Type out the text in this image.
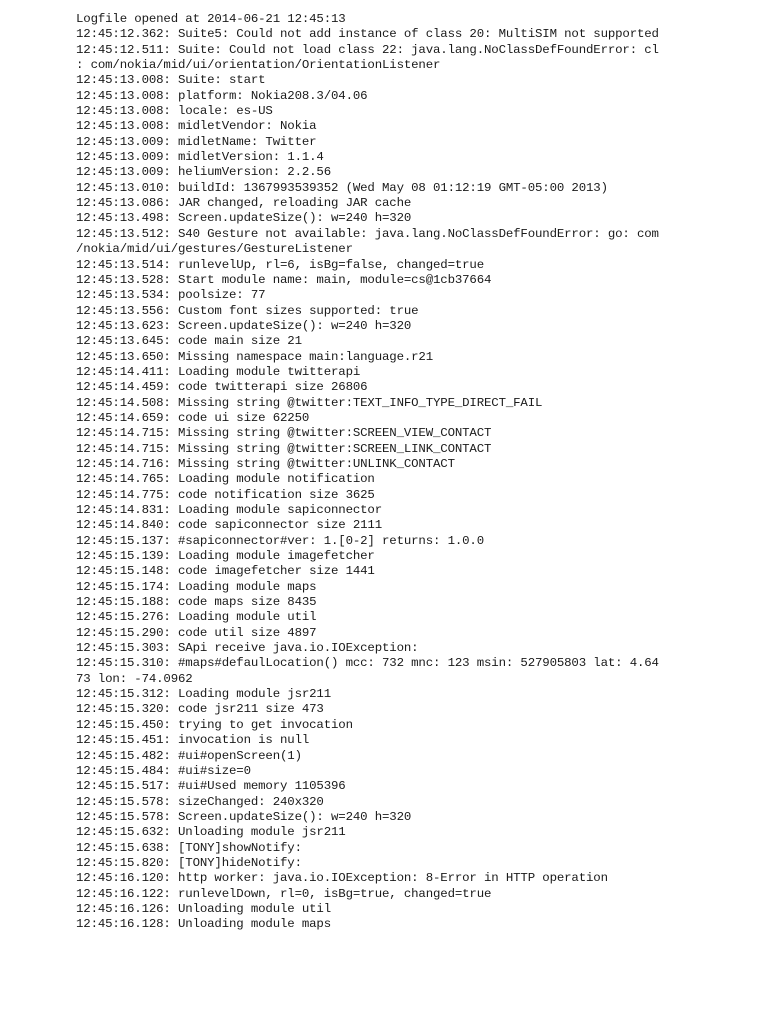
Logfile opened at 2014-06-21 12:45:13
12:45:12.362: Suite5: Could not add instance of class 20: MultiSIM not supported
12:45:12.511: Suite: Could not load class 22: java.lang.NoClassDefFoundError: cl
: com/nokia/mid/ui/orientation/OrientationListener
12:45:13.008: Suite: start
12:45:13.008: platform: Nokia208.3/04.06
12:45:13.008: locale: es-US
12:45:13.008: midletVendor: Nokia
12:45:13.009: midletName: Twitter
12:45:13.009: midletVersion: 1.1.4
12:45:13.009: heliumVersion: 2.2.56
12:45:13.010: buildId: 1367993539352 (Wed May 08 01:12:19 GMT-05:00 2013)
12:45:13.086: JAR changed, reloading JAR cache
12:45:13.498: Screen.updateSize(): w=240 h=320
12:45:13.512: S40 Gesture not available: java.lang.NoClassDefFoundError: go: com
/nokia/mid/ui/gestures/GestureListener
12:45:13.514: runlevelUp, rl=6, isBg=false, changed=true
12:45:13.528: Start module name: main, module=cs@1cb37664
12:45:13.534: poolsize: 77
12:45:13.556: Custom font sizes supported: true
12:45:13.623: Screen.updateSize(): w=240 h=320
12:45:13.645: code main size 21
12:45:13.650: Missing namespace main:language.r21
12:45:14.411: Loading module twitterapi
12:45:14.459: code twitterapi size 26806
12:45:14.508: Missing string @twitter:TEXT_INFO_TYPE_DIRECT_FAIL
12:45:14.659: code ui size 62250
12:45:14.715: Missing string @twitter:SCREEN_VIEW_CONTACT
12:45:14.715: Missing string @twitter:SCREEN_LINK_CONTACT
12:45:14.716: Missing string @twitter:UNLINK_CONTACT
12:45:14.765: Loading module notification
12:45:14.775: code notification size 3625
12:45:14.831: Loading module sapiconnector
12:45:14.840: code sapiconnector size 2111
12:45:15.137: #sapiconnector#ver: 1.[0-2] returns: 1.0.0
12:45:15.139: Loading module imagefetcher
12:45:15.148: code imagefetcher size 1441
12:45:15.174: Loading module maps
12:45:15.188: code maps size 8435
12:45:15.276: Loading module util
12:45:15.290: code util size 4897
12:45:15.303: SApi receive java.io.IOException:
12:45:15.310: #maps#defaulLocation() mcc: 732 mnc: 123 msin: 527905803 lat: 4.64
73 lon: -74.0962
12:45:15.312: Loading module jsr211
12:45:15.320: code jsr211 size 473
12:45:15.450: trying to get invocation
12:45:15.451: invocation is null
12:45:15.482: #ui#openScreen(1)
12:45:15.484: #ui#size=0
12:45:15.517: #ui#Used memory 1105396
12:45:15.578: sizeChanged: 240x320
12:45:15.578: Screen.updateSize(): w=240 h=320
12:45:15.632: Unloading module jsr211
12:45:15.638: [TONY]showNotify:
12:45:15.820: [TONY]hideNotify:
12:45:16.120: http worker: java.io.IOException: 8-Error in HTTP operation
12:45:16.122: runlevelDown, rl=0, isBg=true, changed=true
12:45:16.126: Unloading module util
12:45:16.128: Unloading module maps
